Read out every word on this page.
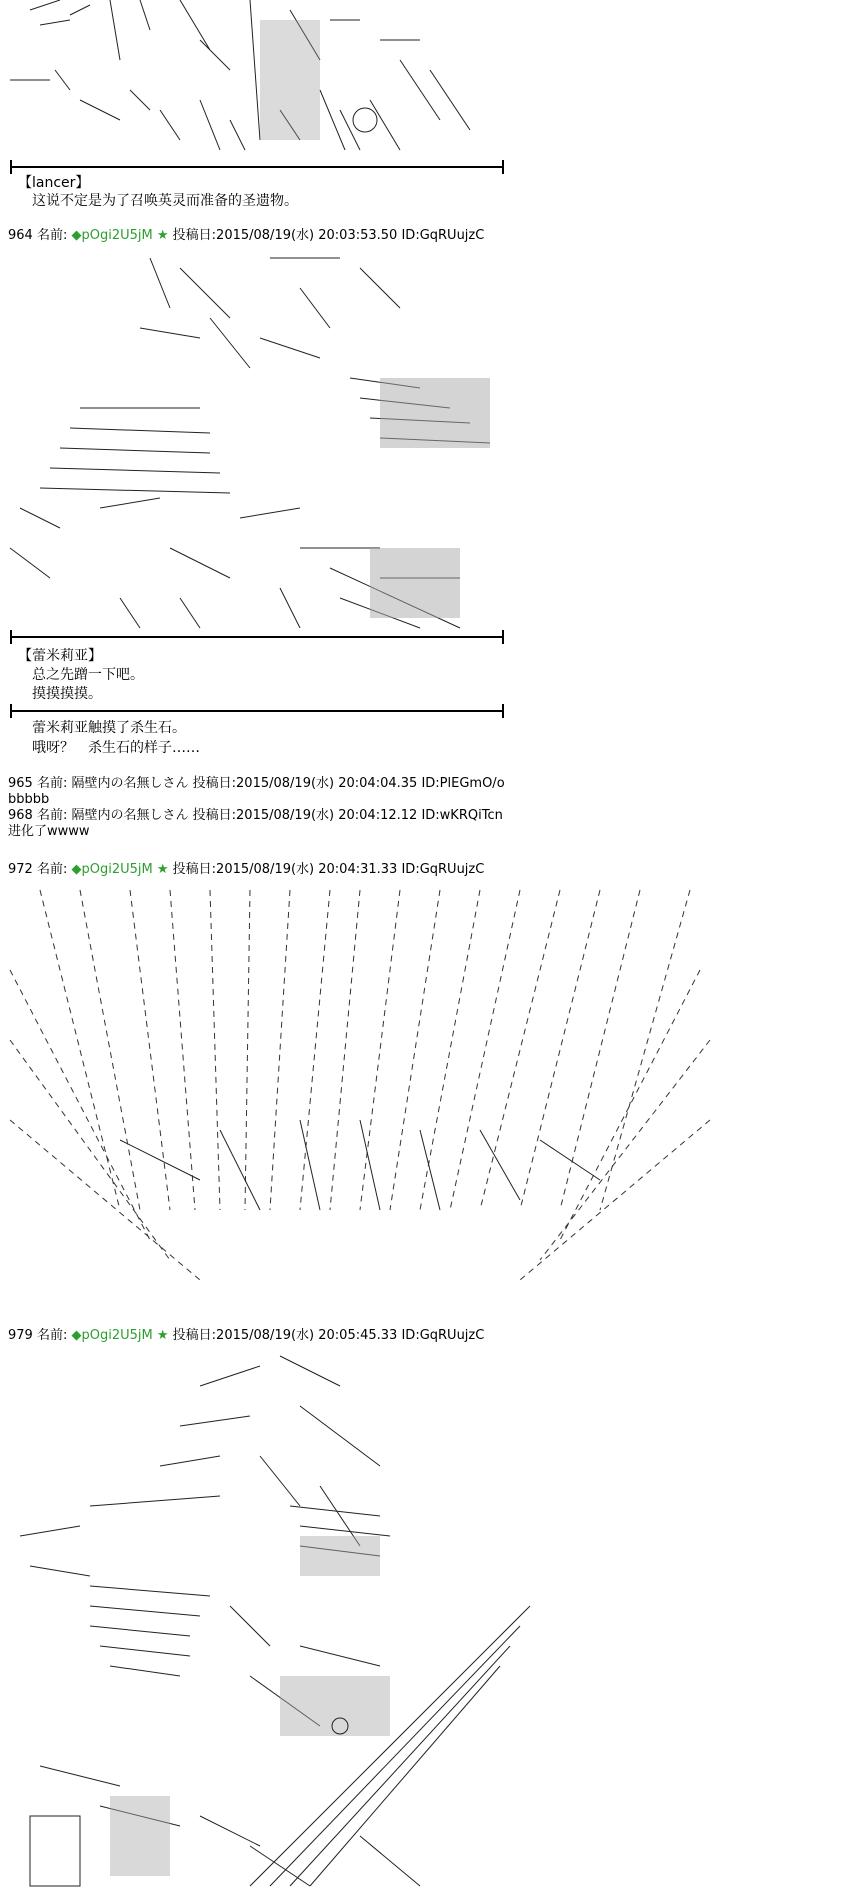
【lancer】
这说不定是为了召唤英灵而准备的圣遗物。
964 名前: ◆pOgi2U5jM ★ 投稿日:2015/08/19(水) 20:03:53.50 ID:GqRUujzC
【蕾米莉亚】
总之先蹭一下吧。
摸摸摸摸。
蕾米莉亚触摸了杀生石。
哦呀？　杀生石的样子……
965 名前: 隔壁内の名無しさん 投稿日:2015/08/19(水) 20:04:04.35 ID:PlEGmO/o
bbbbb
968 名前: 隔壁内の名無しさん 投稿日:2015/08/19(水) 20:04:12.12 ID:wKRQiTcn
进化了wwww
972 名前: ◆pOgi2U5jM ★ 投稿日:2015/08/19(水) 20:04:31.33 ID:GqRUujzC
979 名前: ◆pOgi2U5jM ★ 投稿日:2015/08/19(水) 20:05:45.33 ID:GqRUujzC
